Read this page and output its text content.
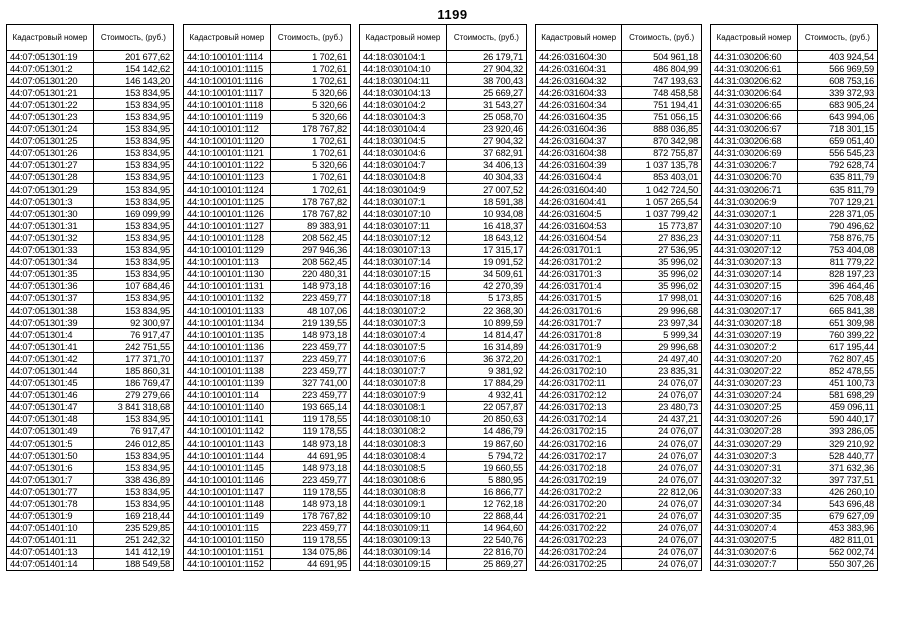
1199
Кадастровый номер	Стоимость, (руб.)
44:07:051301:19	201 677,62
44:07:051301:2	154 142,62
44:07:051301:20	146 143,20
44:07:051301:21	153 834,95
44:07:051301:22	153 834,95
44:07:051301:23	153 834,95
44:07:051301:24	153 834,95
44:07:051301:25	153 834,95
44:07:051301:26	153 834,95
44:07:051301:27	153 834,95
44:07:051301:28	153 834,95
44:07:051301:29	153 834,95
44:07:051301:3	153 834,95
44:07:051301:30	169 099,99
44:07:051301:31	153 834,95
44:07:051301:32	153 834,95
44:07:051301:33	153 834,95
44:07:051301:34	153 834,95
44:07:051301:35	153 834,95
44:07:051301:36	107 684,46
44:07:051301:37	153 834,95
44:07:051301:38	153 834,95
44:07:051301:39	92 300,97
44:07:051301:4	76 917,47
44:07:051301:41	242 751,55
44:07:051301:42	177 371,70
44:07:051301:44	185 860,31
44:07:051301:45	186 769,47
44:07:051301:46	279 279,66
44:07:051301:47	3 841 318,68
44:07:051301:48	153 834,95
44:07:051301:49	76 917,47
44:07:051301:5	246 012,85
44:07:051301:50	153 834,95
44:07:051301:6	153 834,95
44:07:051301:7	338 436,89
44:07:051301:77	153 834,95
44:07:051301:78	153 834,95
44:07:051301:9	169 218,44
44:07:051401:10	235 529,85
44:07:051401:11	251 242,32
44:07:051401:13	141 412,19
44:07:051401:14	188 549,58
Кадастровый номер	Стоимость, (руб.)
44:10:100101:1114	1 702,61
44:10:100101:1115	1 702,61
44:10:100101:1116	1 702,61
44:10:100101:1117	5 320,66
44:10:100101:1118	5 320,66
44:10:100101:1119	5 320,66
44:10:100101:112	178 767,82
44:10:100101:1120	1 702,61
44:10:100101:1121	1 702,61
44:10:100101:1122	5 320,66
44:10:100101:1123	1 702,61
44:10:100101:1124	1 702,61
44:10:100101:1125	178 767,82
44:10:100101:1126	178 767,82
44:10:100101:1127	89 383,91
44:10:100101:1128	208 562,45
44:10:100101:1129	297 946,36
44:10:100101:113	208 562,45
44:10:100101:1130	220 480,31
44:10:100101:1131	148 973,18
44:10:100101:1132	223 459,77
44:10:100101:1133	48 107,06
44:10:100101:1134	219 139,55
44:10:100101:1135	148 973,18
44:10:100101:1136	223 459,77
44:10:100101:1137	223 459,77
44:10:100101:1138	223 459,77
44:10:100101:1139	327 741,00
44:10:100101:114	223 459,77
44:10:100101:1140	193 665,14
44:10:100101:1141	119 178,55
44:10:100101:1142	119 178,55
44:10:100101:1143	148 973,18
44:10:100101:1144	44 691,95
44:10:100101:1145	148 973,18
44:10:100101:1146	223 459,77
44:10:100101:1147	119 178,55
44:10:100101:1148	148 973,18
44:10:100101:1149	178 767,82
44:10:100101:115	223 459,77
44:10:100101:1150	119 178,55
44:10:100101:1151	134 075,86
44:10:100101:1152	44 691,95
Кадастровый номер	Стоимость, (руб.)
44:18:030104:1	26 179,71
44:18:030104:10	27 904,32
44:18:030104:11	38 700,43
44:18:030104:13	25 669,27
44:18:030104:2	31 543,27
44:18:030104:3	25 058,70
44:18:030104:4	23 920,46
44:18:030104:5	27 904,32
44:18:030104:6	37 682,91
44:18:030104:7	34 406,13
44:18:030104:8	40 304,33
44:18:030104:9	27 007,52
44:18:030107:1	18 591,38
44:18:030107:10	10 934,08
44:18:030107:11	16 418,37
44:18:030107:12	18 643,12
44:18:030107:13	17 315,17
44:18:030107:14	19 091,52
44:18:030107:15	34 509,61
44:18:030107:16	42 270,39
44:18:030107:18	5 173,85
44:18:030107:2	22 368,30
44:18:030107:3	10 899,59
44:18:030107:4	14 814,47
44:18:030107:5	16 314,89
44:18:030107:6	36 372,20
44:18:030107:7	9 381,92
44:18:030107:8	17 884,29
44:18:030107:9	4 932,41
44:18:030108:1	22 057,87
44:18:030108:10	20 850,63
44:18:030108:2	14 486,79
44:18:030108:3	19 867,60
44:18:030108:4	5 794,72
44:18:030108:5	19 660,55
44:18:030108:6	5 880,95
44:18:030108:8	16 866,77
44:18:030109:1	12 762,18
44:18:030109:10	22 868,44
44:18:030109:11	14 964,60
44:18:030109:13	22 540,76
44:18:030109:14	22 816,70
44:18:030109:15	25 869,27
Кадастровый номер	Стоимость, (руб.)
44:26:031604:30	504 961,18
44:26:031604:31	486 804,99
44:26:031604:32	747 193,63
44:26:031604:33	748 458,58
44:26:031604:34	751 194,41
44:26:031604:35	751 056,15
44:26:031604:36	888 036,85
44:26:031604:37	870 342,98
44:26:031604:38	872 755,87
44:26:031604:39	1 037 135,78
44:26:031604:4	853 403,01
44:26:031604:40	1 042 724,50
44:26:031604:41	1 057 265,54
44:26:031604:5	1 037 799,42
44:26:031604:53	15 773,87
44:26:031604:54	27 836,23
44:26:031701:1	27 536,95
44:26:031701:2	35 996,02
44:26:031701:3	35 996,02
44:26:031701:4	35 996,02
44:26:031701:5	17 998,01
44:26:031701:6	29 996,68
44:26:031701:7	23 997,34
44:26:031701:8	5 999,34
44:26:031701:9	29 996,68
44:26:031702:1	24 497,40
44:26:031702:10	23 835,31
44:26:031702:11	24 076,07
44:26:031702:12	24 076,07
44:26:031702:13	23 480,73
44:26:031702:14	24 437,21
44:26:031702:15	24 076,07
44:26:031702:16	24 076,07
44:26:031702:17	24 076,07
44:26:031702:18	24 076,07
44:26:031702:19	24 076,07
44:26:031702:2	22 812,06
44:26:031702:20	24 076,07
44:26:031702:21	24 076,07
44:26:031702:22	24 076,07
44:26:031702:23	24 076,07
44:26:031702:24	24 076,07
44:26:031702:25	24 076,07
Кадастровый номер	Стоимость, (руб.)
44:31:030206:60	403 924,54
44:31:030206:61	566 969,59
44:31:030206:62	608 753,16
44:31:030206:64	339 372,93
44:31:030206:65	683 905,24
44:31:030206:66	643 994,06
44:31:030206:67	718 301,15
44:31:030206:68	659 051,40
44:31:030206:69	556 545,23
44:31:030206:7	792 628,74
44:31:030206:70	635 811,79
44:31:030206:71	635 811,79
44:31:030206:9	707 129,21
44:31:030207:1	228 371,05
44:31:030207:10	790 496,62
44:31:030207:11	758 876,75
44:31:030207:12	753 404,08
44:31:030207:13	811 779,22
44:31:030207:14	828 197,23
44:31:030207:15	396 464,46
44:31:030207:16	625 708,48
44:31:030207:17	665 841,38
44:31:030207:18	651 309,98
44:31:030207:19	760 399,22
44:31:030207:2	617 195,44
44:31:030207:20	762 807,45
44:31:030207:22	852 478,55
44:31:030207:23	451 100,73
44:31:030207:24	581 698,29
44:31:030207:25	459 096,11
44:31:030207:26	590 440,17
44:31:030207:28	393 286,05
44:31:030207:29	329 210,92
44:31:030207:3	528 440,77
44:31:030207:31	371 632,36
44:31:030207:32	397 737,51
44:31:030207:33	426 260,10
44:31:030207:34	543 696,48
44:31:030207:35	679 627,09
44:31:030207:4	453 383,96
44:31:030207:5	482 811,01
44:31:030207:6	562 002,74
44:31:030207:7	550 307,26
